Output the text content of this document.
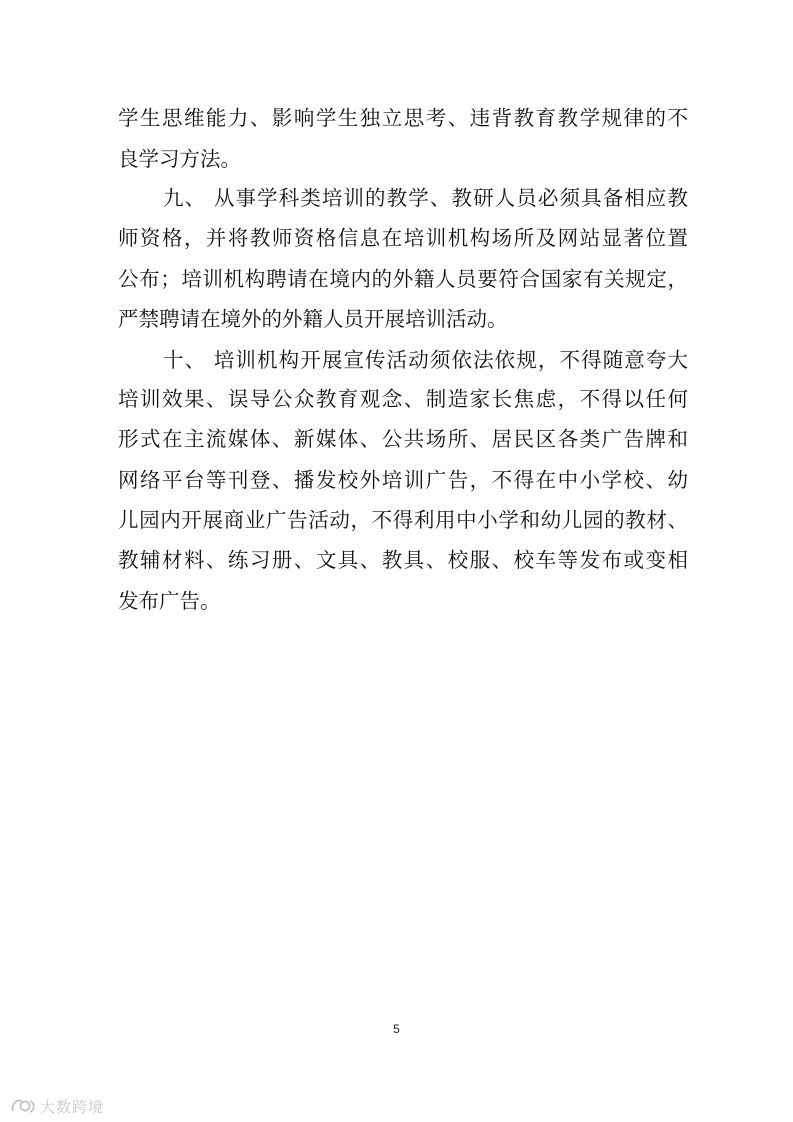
学生思维能力、影响学生独立思考、违背教育教学规律的不
良学习方法。
九、 从事学科类培训的教学、教研人员必须具备相应教
师资格，并将教师资格信息在培训机构场所及网站显著位置
公布；培训机构聘请在境内的外籍人员要符合国家有关规定，
严禁聘请在境外的外籍人员开展培训活动。
十、 培训机构开展宣传活动须依法依规，不得随意夸大
培训效果、误导公众教育观念、制造家长焦虑，不得以任何
形式在主流媒体、新媒体、公共场所、居民区各类广告牌和
网络平台等刊登、播发校外培训广告，不得在中小学校、幼
儿园内开展商业广告活动，不得利用中小学和幼儿园的教材、
教辅材料、练习册、文具、教具、校服、校车等发布或变相
发布广告。
5
大数跨境
